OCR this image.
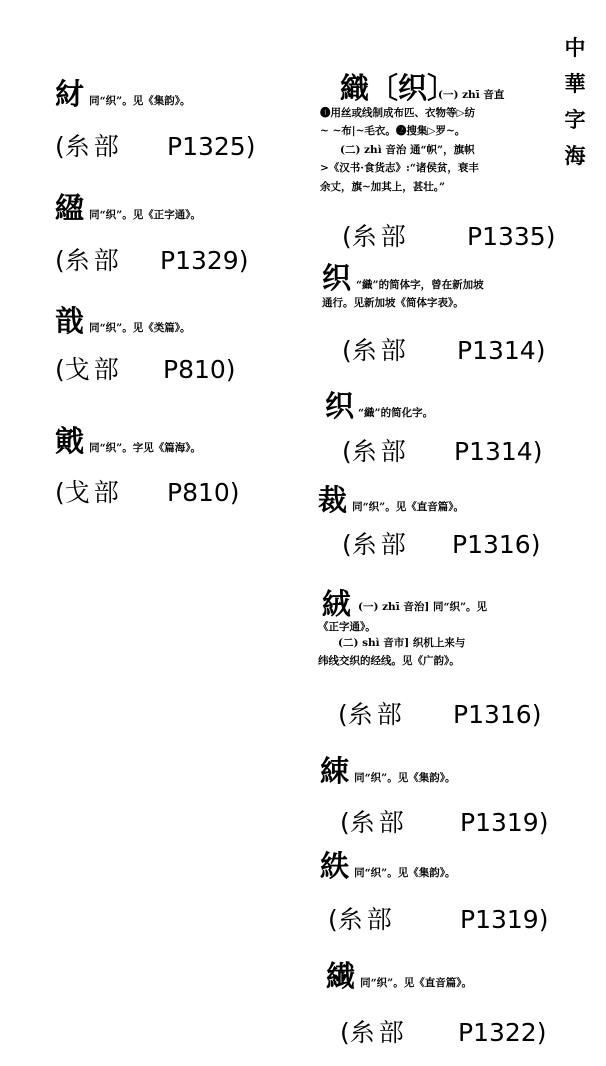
中
華
字
海
䊷 同“织”。见《集韵》。
(糸部 P1325)
䋼 同“织”。见《正字通》。
(糸部 P1329)
戠 同“织”。见《类篇》。
(戈部 P810)
戭 同“织”。字见《篇海》。
(戈部 P810)
織〔织〕
(一) zhī 音直
❶用丝或线制成布匹、衣物等▷纺
~ ~布|~毛衣。❷搜集▷罗~。
(二) zhì 音治 通“帜”，旗帜
>《汉书·食货志》:“诸侯贫，衰丰
余丈，旗~加其上，甚壮。”
(糸部 P1335)
织 “織”的简体字，曾在新加坡
通行。见新加坡《简体字表》。
(糸部 P1314)
织 “織”的简化字。
(糸部 P1314)
裁 同“织”。见《直音篇》。
(糸部 P1316)
絨 (一) zhī 音治] 同“织”。见
《正字通》。
(二) shì 音市] 织机上来与
纬线交织的经线。见《广韵》。
(糸部 P1316)
綀 同“织”。见《集韵》。
(糸部 P1319)
紩 同“织”。见《集韵》。
(糸部	P1319)
繊 同“织”。见《直音篇》。
(糸部 P1322)
